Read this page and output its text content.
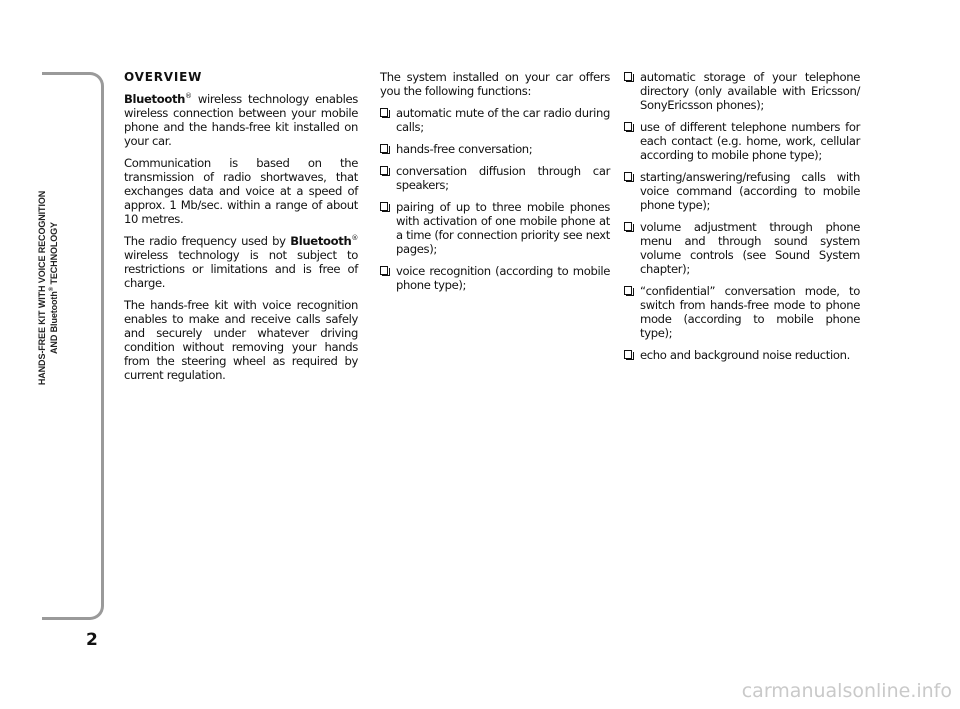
HANDS-FREE KIT WITH VOICE RECOGNITION AND Bluetooth® TECHNOLOGY
2
OVERVIEW

Bluetooth® wireless technology enables wireless connection between your mobile phone and the hands-free kit installed on your car.

Communication is based on the transmission of radio shortwaves, that exchanges data and voice at a speed of approx. 1 Mb/sec. within a range of about 10 metres.

The radio frequency used by Bluetooth® wireless technology is not subject to restrictions or limitations and is free of charge.

The hands-free kit with voice recognition enables to make and receive calls safely and securely under whatever driving condition without removing your hands from the steering wheel as required by current regulation.

The system installed on your car offers you the following functions:

automatic mute of the car radio during calls;
hands-free conversation;
conversation diffusion through car speakers;
pairing of up to three mobile phones with activation of one mobile phone at a time (for connection priority see next pages);
voice recognition (according to mobile phone type);
automatic storage of your telephone directory (only available with Ericsson/ SonyEricsson phones);
use of different telephone numbers for each contact (e.g. home, work, cellular according to mobile phone type);
starting/answering/refusing calls with voice command (according to mobile phone type);
volume adjustment through phone menu and through sound system volume controls (see Sound System chapter);
“confidential” conversation mode, to switch from hands-free mode to phone mode (according to mobile phone type);
echo and background noise reduction.
carmanualsonline.info
